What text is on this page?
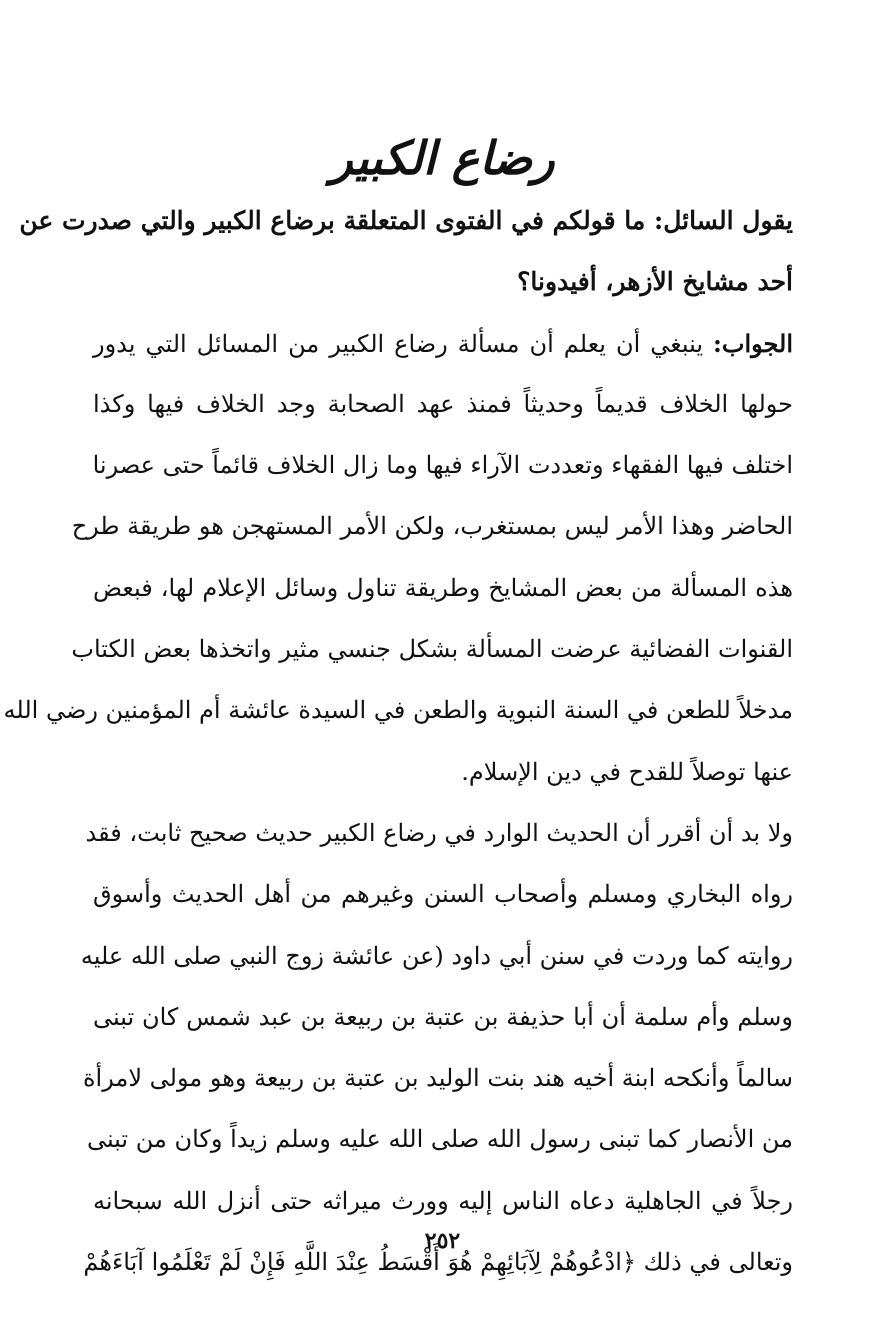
رضاع الكبير
يقول السائل: ما قولكم في الفتوى المتعلقة برضاع الكبير والتي صدرت عن
أحد مشايخ الأزهر، أفيدونا؟
الجواب: ينبغي أن يعلم أن مسألة رضاع الكبير من المسائل التي يدور
حولها الخلاف قديماً وحديثاً فمنذ عهد الصحابة وجد الخلاف فيها وكذا
اختلف فيها الفقهاء وتعددت الآراء فيها وما زال الخلاف قائماً حتى عصرنا
الحاضر وهذا الأمر ليس بمستغرب، ولكن الأمر المستهجن هو طريقة طرح
هذه المسألة من بعض المشايخ وطريقة تناول وسائل الإعلام لها، فبعض
القنوات الفضائية عرضت المسألة بشكل جنسي مثير واتخذها بعض الكتاب
مدخلاً للطعن في السنة النبوية والطعن في السيدة عائشة أم المؤمنين رضي الله
عنها توصلاً للقدح في دين الإسلام.
ولا بد أن أقرر أن الحديث الوارد في رضاع الكبير حديث صحيح ثابت، فقد
رواه البخاري ومسلم وأصحاب السنن وغيرهم من أهل الحديث وأسوق
روايته كما وردت في سنن أبي داود (عن عائشة زوج النبي صلى الله عليه
وسلم وأم سلمة أن أبا حذيفة بن عتبة بن ربيعة بن عبد شمس كان تبنى
سالماً وأنكحه ابنة أخيه هند بنت الوليد بن عتبة بن ربيعة وهو مولى لامرأة
من الأنصار كما تبنى رسول الله صلى الله عليه وسلم زيداً وكان من تبنى
رجلاً في الجاهلية دعاه الناس إليه وورث ميراثه حتى أنزل الله سبحانه
وتعالى في ذلك ﴿ادْعُوهُمْ لِآبَائِهِمْ هُوَ أَقْسَطُ عِنْدَ اللَّهِ فَإِنْ لَمْ تَعْلَمُوا آبَاءَهُمْ
٢٥٢
